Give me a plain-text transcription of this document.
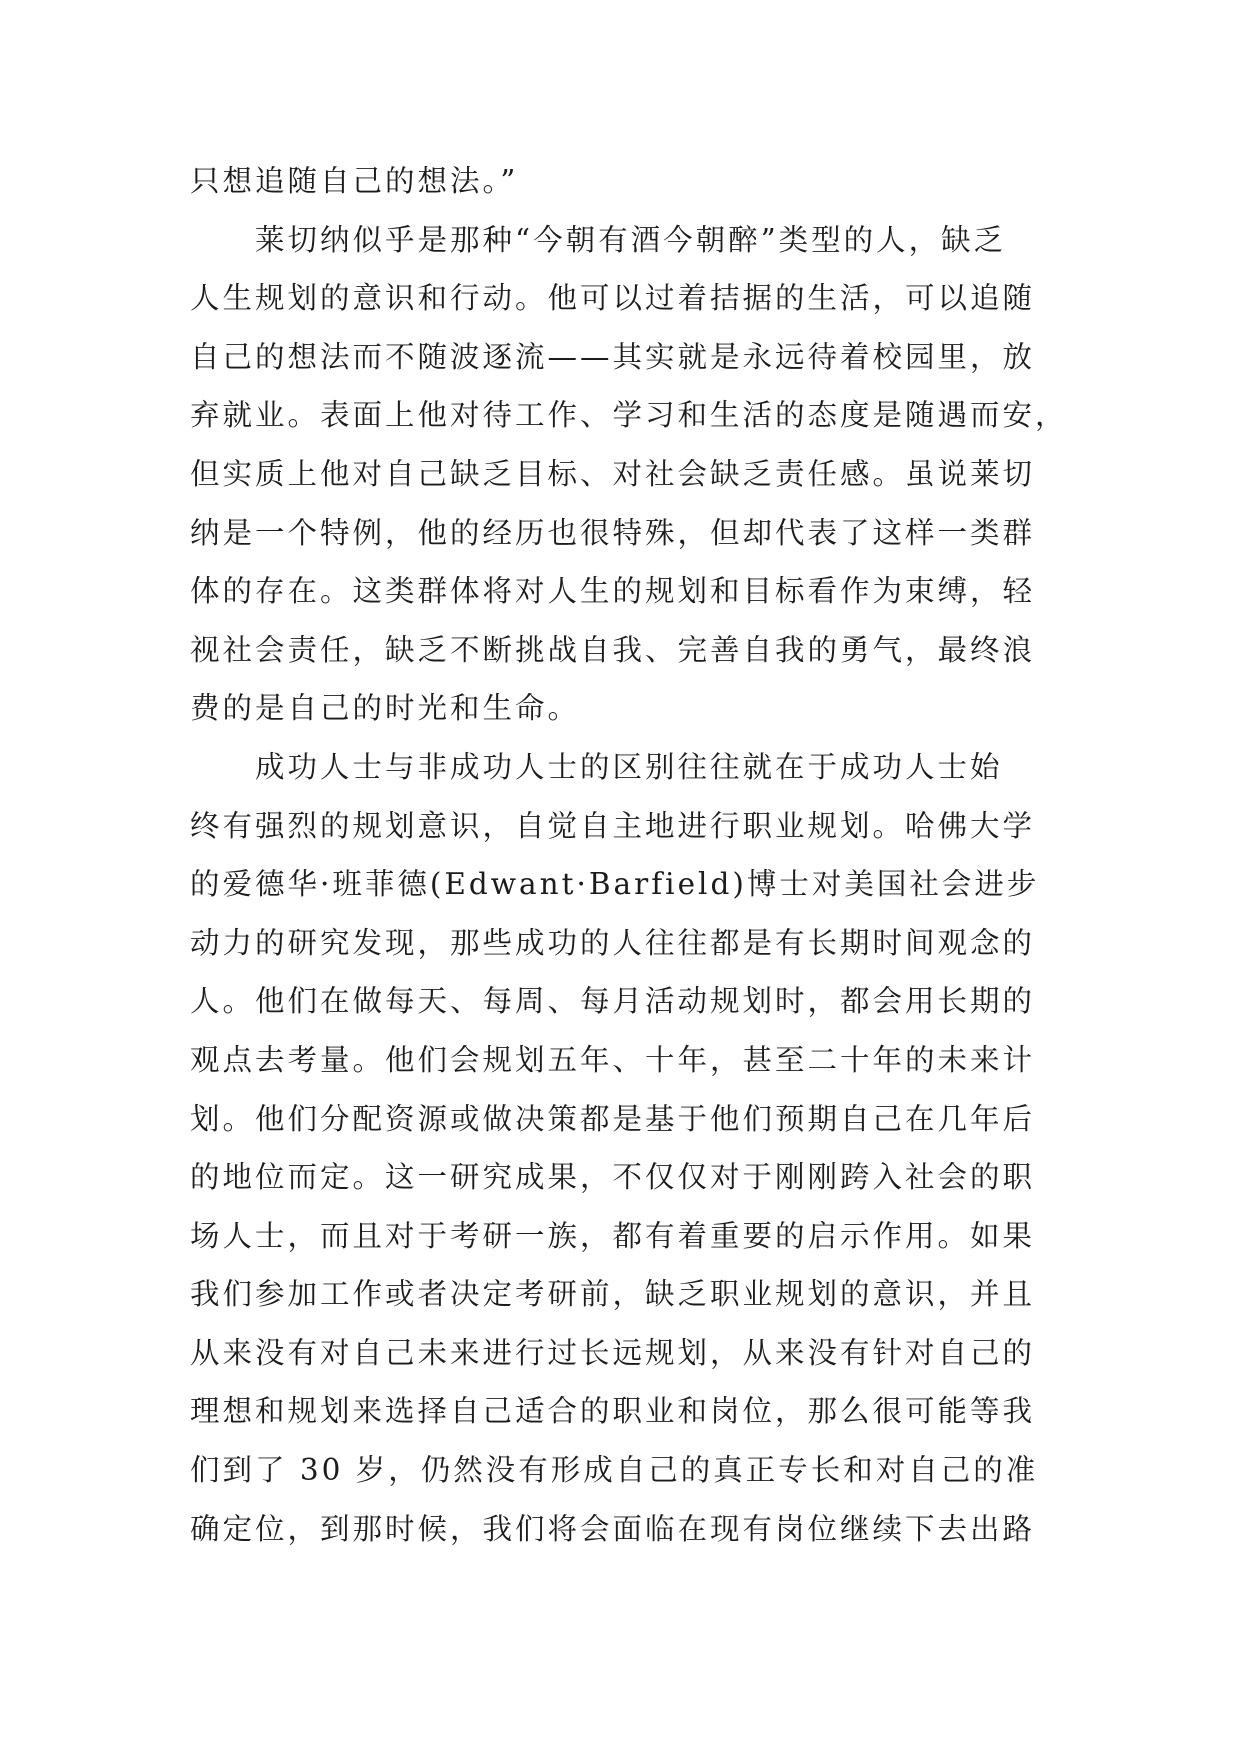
只想追随自己的想法。”
　　莱切纳似乎是那种“今朝有酒今朝醉”类型的人，缺乏
人生规划的意识和行动。他可以过着拮据的生活，可以追随
自己的想法而不随波逐流——其实就是永远待着校园里，放
弃就业。表面上他对待工作、学习和生活的态度是随遇而安，
但实质上他对自己缺乏目标、对社会缺乏责任感。虽说莱切
纳是一个特例，他的经历也很特殊，但却代表了这样一类群
体的存在。这类群体将对人生的规划和目标看作为束缚，轻
视社会责任，缺乏不断挑战自我、完善自我的勇气，最终浪
费的是自己的时光和生命。
　　成功人士与非成功人士的区别往往就在于成功人士始
终有强烈的规划意识，自觉自主地进行职业规划。哈佛大学
的爱德华·班菲德(Edwant·Barfield)博士对美国社会进步
动力的研究发现，那些成功的人往往都是有长期时间观念的
人。他们在做每天、每周、每月活动规划时，都会用长期的
观点去考量。他们会规划五年、十年，甚至二十年的未来计
划。他们分配资源或做决策都是基于他们预期自己在几年后
的地位而定。这一研究成果，不仅仅对于刚刚跨入社会的职
场人士，而且对于考研一族，都有着重要的启示作用。如果
我们参加工作或者决定考研前，缺乏职业规划的意识，并且
从来没有对自己未来进行过长远规划，从来没有针对自己的
理想和规划来选择自己适合的职业和岗位，那么很可能等我
们到了 30 岁，仍然没有形成自己的真正专长和对自己的准
确定位，到那时候，我们将会面临在现有岗位继续下去出路
